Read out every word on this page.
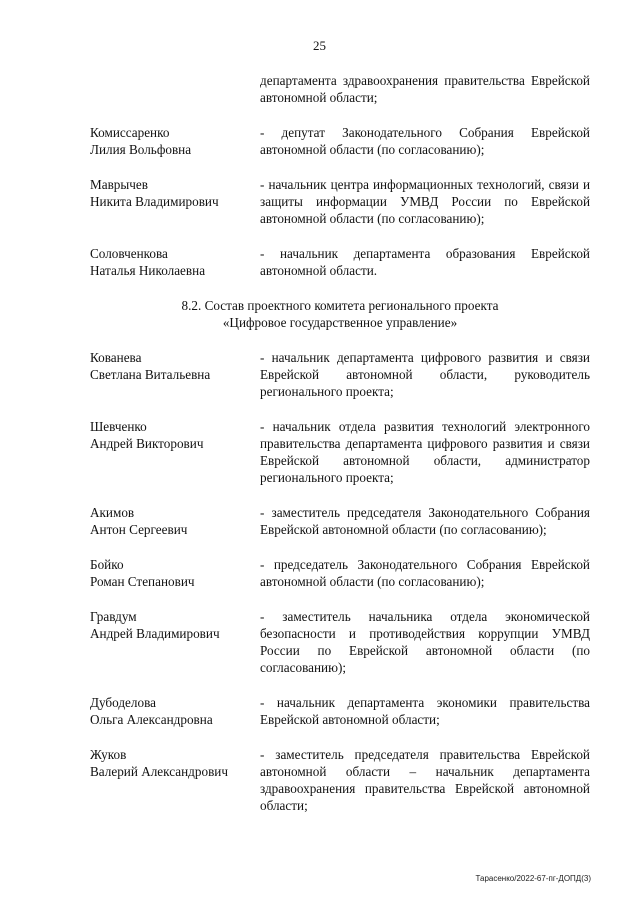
25
департамента здравоохранения правительства Еврейской автономной области;
Комиссаренко
Лилия Вольфовна
- депутат Законодательного Собрания Еврейской автономной области (по согласованию);
Маврычев
Никита Владимирович
- начальник центра информационных технологий, связи и защиты информации УМВД России по Еврейской автономной области (по согласованию);
Соловченкова
Наталья Николаевна
- начальник департамента образования Еврейской автономной области.
8.2. Состав проектного комитета регионального проекта
«Цифровое государственное управление»
Кованева
Светлана Витальевна
- начальник департамента цифрового развития и связи Еврейской автономной области, руководитель регионального проекта;
Шевченко
Андрей Викторович
- начальник отдела развития технологий электронного правительства департамента цифрового развития и связи Еврейской автономной области, администратор регионального проекта;
Акимов
Антон Сергеевич
- заместитель председателя Законодательного Собрания Еврейской автономной области (по согласованию);
Бойко
Роман Степанович
- председатель Законодательного Собрания Еврейской автономной области (по согласованию);
Гравдум
Андрей Владимирович
- заместитель начальника отдела экономической безопасности и противодействия коррупции УМВД России по Еврейской автономной области (по согласованию);
Дубоделова
Ольга Александровна
- начальник департамента экономики правительства Еврейской автономной области;
Жуков
Валерий Александрович
- заместитель председателя правительства Еврейской автономной области – начальник департамента здравоохранения правительства Еврейской автономной области;
Тарасенко/2022-67-пг-ДОПД(3)
